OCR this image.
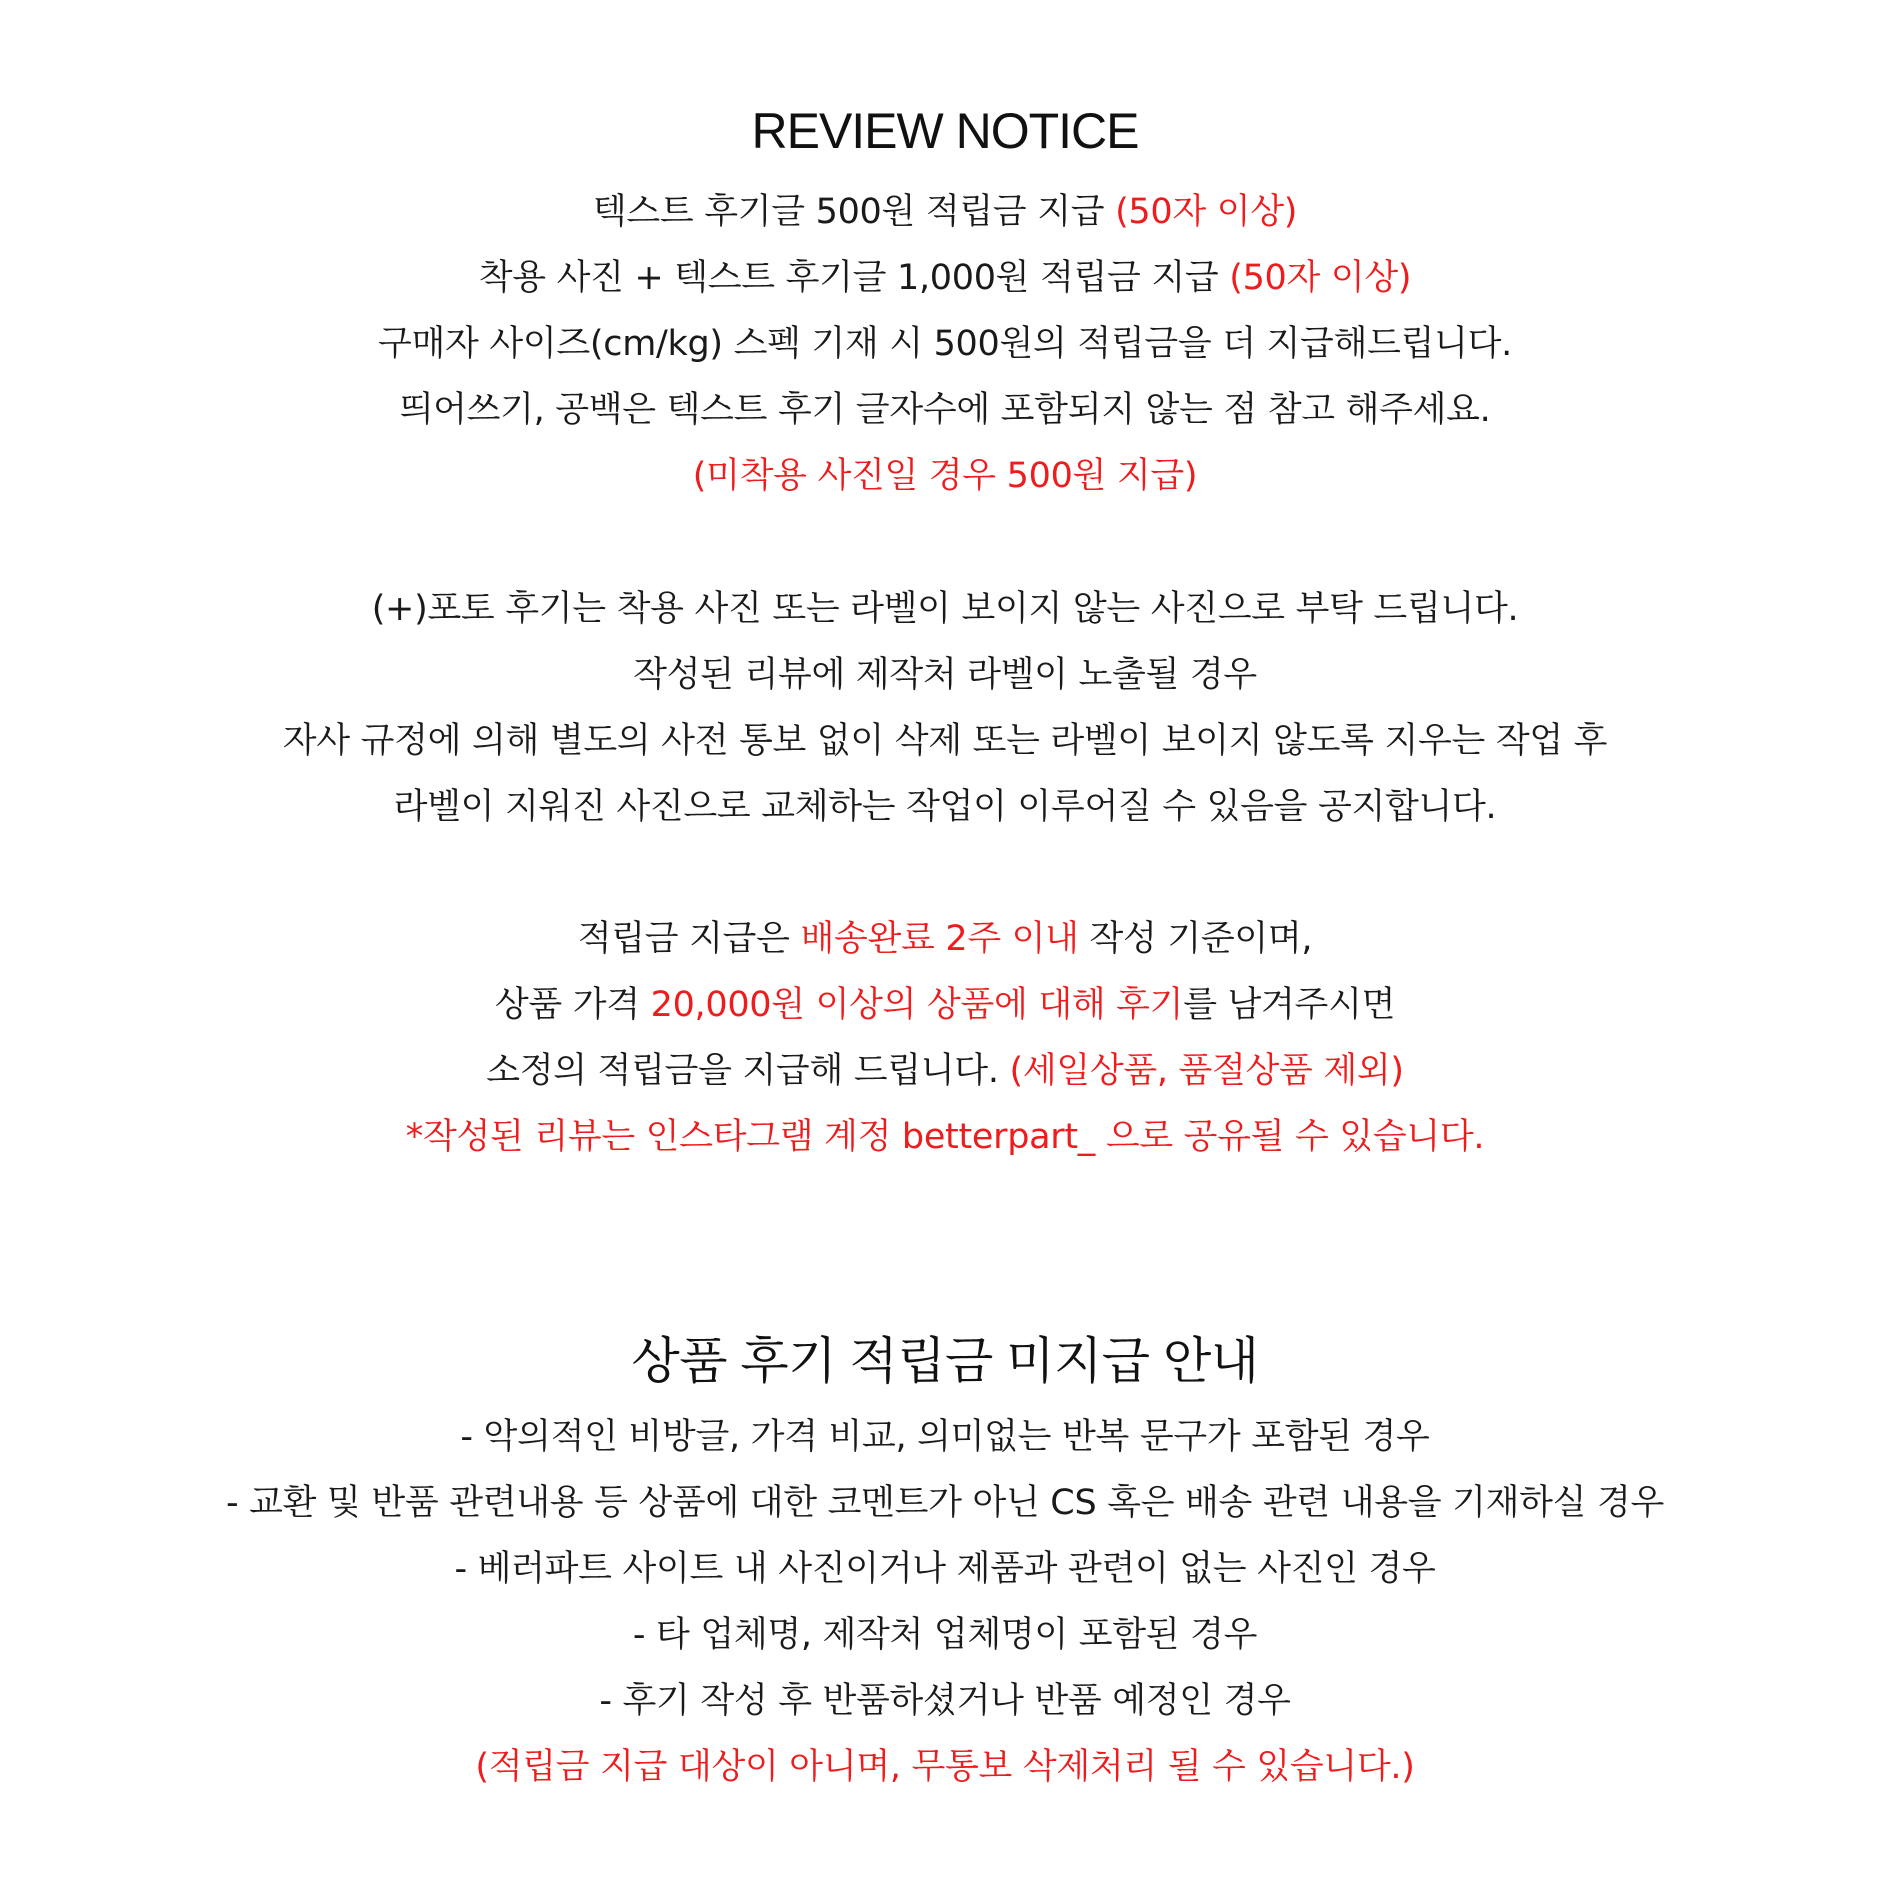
REVIEW NOTICE
텍스트 후기글 500원 적립금 지급 (50자 이상)
착용 사진 + 텍스트 후기글 1,000원 적립금 지급 (50자 이상)
구매자 사이즈(cm/kg) 스펙 기재 시 500원의 적립금을 더 지급해드립니다.
띄어쓰기, 공백은 텍스트 후기 글자수에 포함되지 않는 점 참고 해주세요.
(미착용 사진일 경우 500원 지급)
(+)포토 후기는 착용 사진 또는 라벨이 보이지 않는 사진으로 부탁 드립니다.
작성된 리뷰에 제작처 라벨이 노출될 경우
자사 규정에 의해 별도의 사전 통보 없이 삭제 또는 라벨이 보이지 않도록 지우는 작업 후
라벨이 지워진 사진으로 교체하는 작업이 이루어질 수 있음을 공지합니다.
적립금 지급은 배송완료 2주 이내 작성 기준이며,
상품 가격 20,000원 이상의 상품에 대해 후기를 남겨주시면
소정의 적립금을 지급해 드립니다. (세일상품, 품절상품 제외)
*작성된 리뷰는 인스타그램 계정 betterpart_ 으로 공유될 수 있습니다.
상품 후기 적립금 미지급 안내
- 악의적인 비방글, 가격 비교, 의미없는 반복 문구가 포함된 경우
- 교환 및 반품 관련내용 등 상품에 대한 코멘트가 아닌 CS 혹은 배송 관련 내용을 기재하실 경우
- 베러파트 사이트 내 사진이거나 제품과 관련이 없는 사진인 경우
- 타 업체명, 제작처 업체명이 포함된 경우
- 후기 작성 후 반품하셨거나 반품 예정인 경우
(적립금 지급 대상이 아니며, 무통보 삭제처리 될 수 있습니다.)
